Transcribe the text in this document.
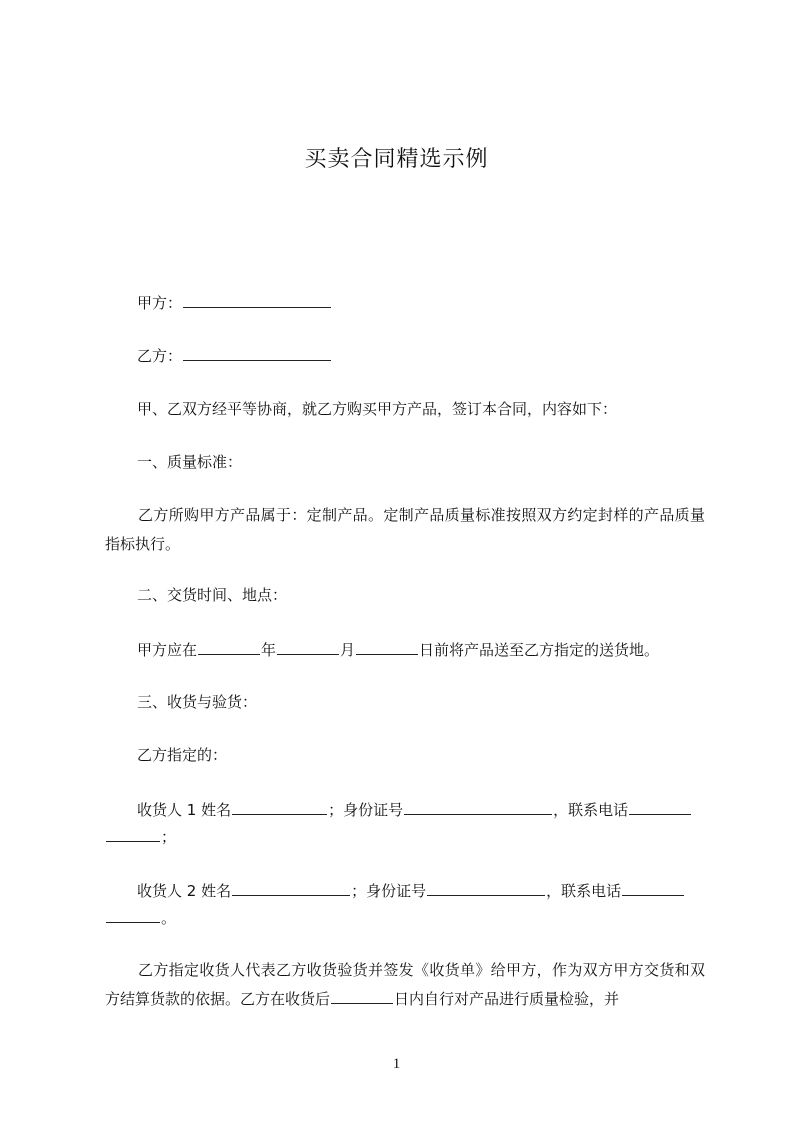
买卖合同精选示例
甲方：
乙方：
甲、乙双方经平等协商，就乙方购买甲方产品，签订本合同，内容如下：
一、质量标准：
乙方所购甲方产品属于：定制产品。定制产品质量标准按照双方约定封样的产品质量指标执行。
二、交货时间、地点：
甲方应在	年	月	日前将产品送至乙方指定的送货地。
三、收货与验货：
乙方指定的：
收货人 1 姓名	；身份证号	，联系电话
；
收货人 2 姓名	；身份证号	，联系电话
。
乙方指定收货人代表乙方收货验货并签发《收货单》给甲方，作为双方甲方交货和双方结算货款的依据。乙方在收货后	日内自行对产品进行质量检验，并
1
